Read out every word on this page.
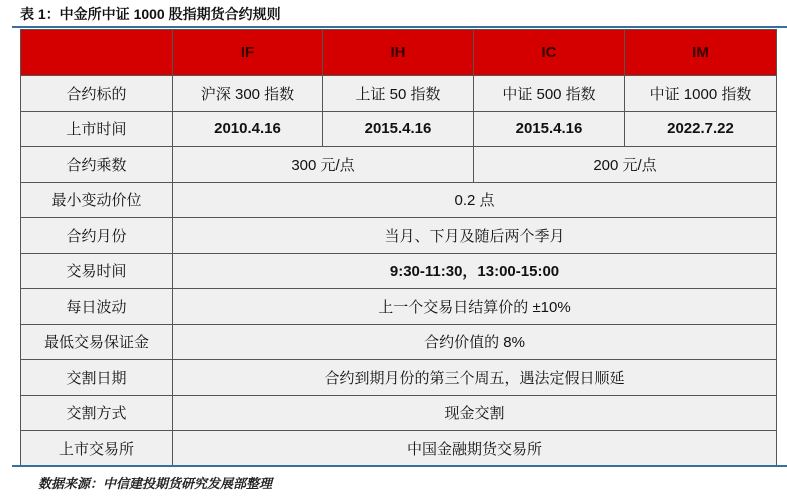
表 1：中金所中证 1000 股指期货合约规则
	IF	IH	IC	IM
合约标的	沪深 300 指数	上证 50 指数	中证 500 指数	中证 1000 指数
上市时间	2010.4.16	2015.4.16	2015.4.16	2022.7.22
合约乘数	300 元/点		200 元/点	
最小变动价位	0.2 点			
合约月份	当月、下月及随后两个季月			
交易时间	9:30-11:30，13:00-15:00			
每日波动	上一个交易日结算价的 ±10%			
最低交易保证金	合约价值的 8%			
交割日期	合约到期月份的第三个周五，遇法定假日顺延			
交割方式	现金交割			
上市交易所	中国金融期货交易所			
数据来源：中信建投期货研究发展部整理
